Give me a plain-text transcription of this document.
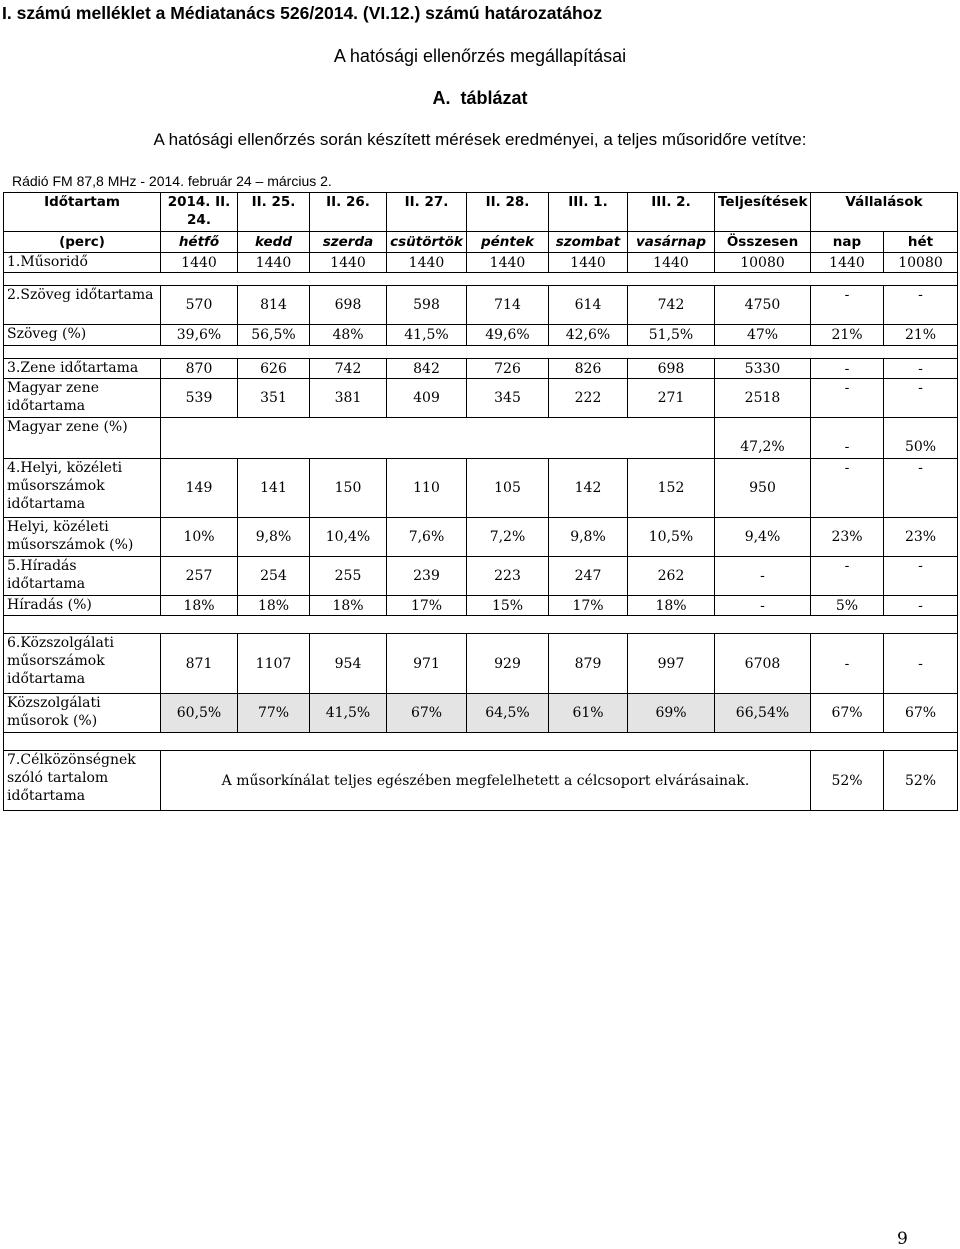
I. számú melléklet a Médiatanács 526/2014. (VI.12.) számú határozatához
A hatósági ellenőrzés megállapításai
A. táblázat
A hatósági ellenőrzés során készített mérések eredményei, a teljes műsoridőre vetítve:
Rádió FM 87,8 MHz - 2014. február 24 – március 2.
Időtartam	2014. II. 24.	II. 25.	II. 26.	II. 27.	II. 28.	III. 1.	III. 2.	Teljesítések	Vállalások	
(perc)	hétfő	kedd	szerda	csütörtök	péntek	szombat	vasárnap	Összesen	nap	hét
1.Műsoridő	1440	1440	1440	1440	1440	1440	1440	10080	1440	10080

2.Szöveg időtartama	570	814	698	598	714	614	742	4750	-	-
Szöveg (%)	39,6%	56,5%	48%	41,5%	49,6%	42,6%	51,5%	47%	21%	21%

3.Zene időtartama	870	626	742	842	726	826	698	5330	-	-
Magyar zene időtartama	539	351	381	409	345	222	271	2518	-	-
Magyar zene (%)								47,2%	-	50%
4.Helyi, közéleti műsorszámok időtartama	149	141	150	110	105	142	152	950	-	-
Helyi, közéleti műsorszámok (%)	10%	9,8%	10,4%	7,6%	7,2%	9,8%	10,5%	9,4%	23%	23%
5.Híradás időtartama	257	254	255	239	223	247	262	-	-	-
Híradás (%)	18%	18%	18%	17%	15%	17%	18%	-	5%	-

6.Közszolgálati műsorszámok időtartama	871	1107	954	971	929	879	997	6708	-	-
Közszolgálati műsorok (%)	60,5%	77%	41,5%	67%	64,5%	61%	69%	66,54%	67%	67%

7.Célközönségnek szóló tartalom időtartama	A műsorkínálat teljes egészében megfelelhetett a célcsoport elvárásainak.								52%	52%
9
